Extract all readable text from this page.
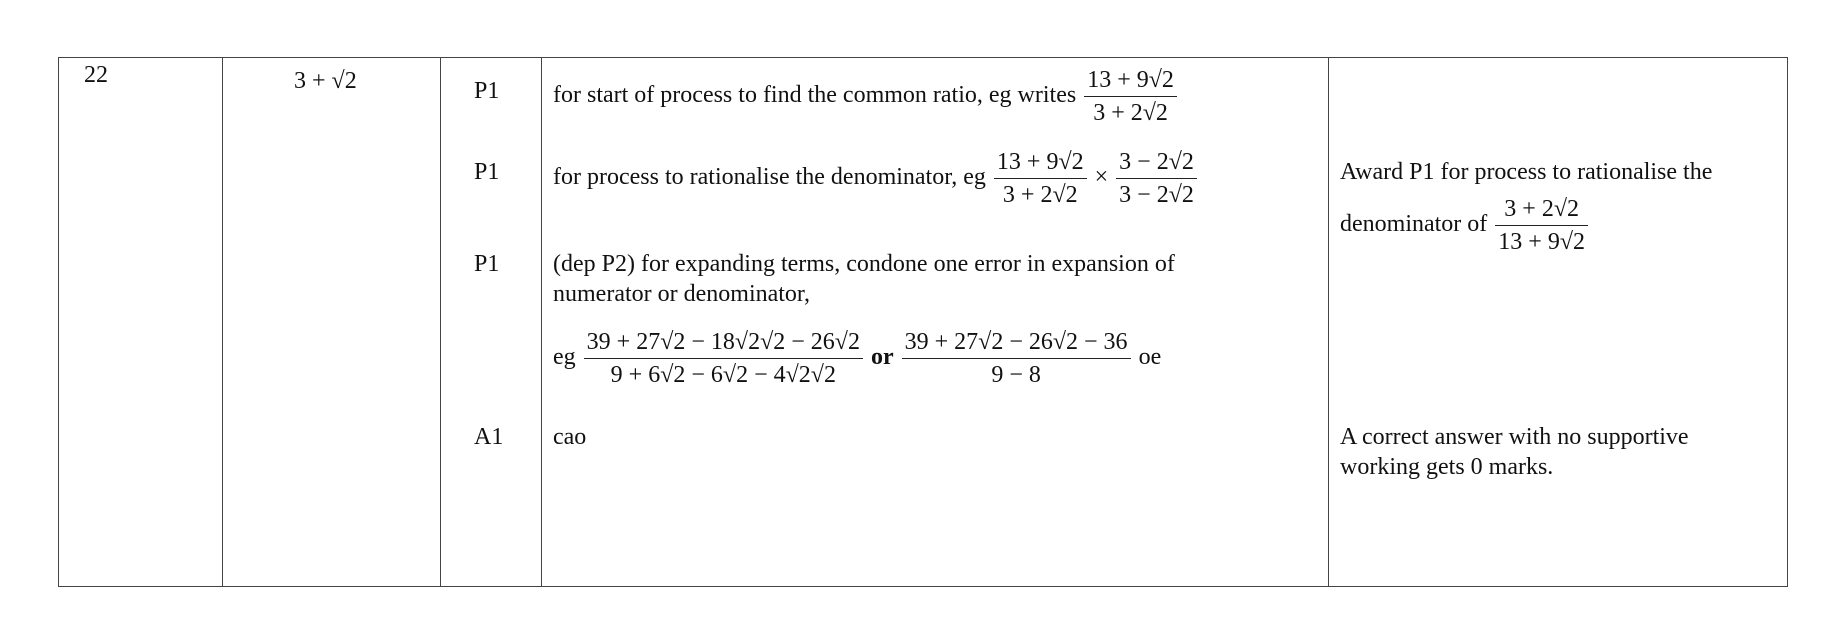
22	3 + √2	P1
P1
P1
A1
for start of process to find the common ratio, eg writes $\frac{13 + 9√2}{3 + 2√2}$
for process to rationalise the denominator, eg $\frac{13 + 9√2}{3 + 2√2} \times \frac{3 - 2√2}{3 - 2√2}$
(dep P2) for expanding terms, condone one error in expansion of numerator or denominator,
eg $\frac{39 + 27√2 - 18√2√2 - 26√2}{9 + 6√2 - 6√2 - 4√2√2}$ or $\frac{39 + 27√2 - 26√2 - 36}{9 - 8}$ oe
cao
Award P1 for process to rationalise the
denominator of $\frac{3 + 2√2}{13 + 9√2}$
A correct answer with no supportive working gets 0 marks.
